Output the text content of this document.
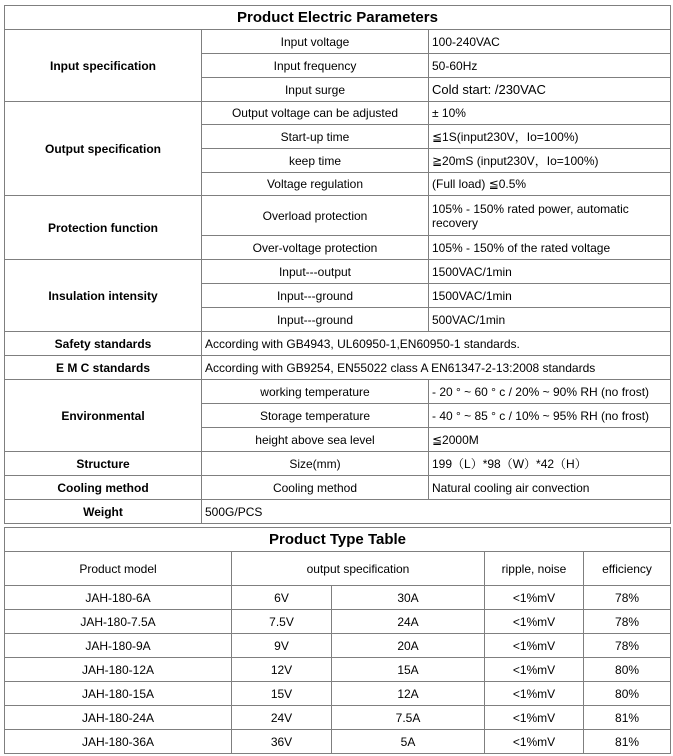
Product Electric Parameters		
Input specification	Input voltage	100-240VAC
	Input frequency	50-60Hz
	Input surge	Cold start: /230VAC
Output specification	Output voltage can be adjusted	± 10%
	Start-up time	≦1S(input230V，Io=100%)
	keep time	≧20mS (input230V，Io=100%)
	Voltage regulation	(Full load) ≦0.5%
Protection function	Overload protection	105% - 150% rated power, automatic recovery
	Over-voltage protection	105% - 150% of the rated voltage
Insulation intensity	Input---output	1500VAC/1min
	Input---ground	1500VAC/1min
	Input---ground	500VAC/1min
Safety standards	According with GB4943, UL60950-1,EN60950-1 standards.	
E M C standards	According with GB9254, EN55022 class A EN61347-2-13:2008 standards	
Environmental	working temperature	- 20 ° ~ 60 ° c / 20% ~ 90% RH (no frost)
	Storage temperature	- 40 ° ~ 85 ° c / 10% ~ 95% RH (no frost)
	height above sea level	≦2000M
Structure	Size(mm)	199（L）*98（W）*42（H）
Cooling method	Cooling method	Natural cooling air convection
Weight	500G/PCS	
Product Type Table				
Product model	output specification		ripple, noise	efficiency
JAH-180-6A	6V	30A	<1%mV	78%
JAH-180-7.5A	7.5V	24A	<1%mV	78%
JAH-180-9A	9V	20A	<1%mV	78%
JAH-180-12A	12V	15A	<1%mV	80%
JAH-180-15A	15V	12A	<1%mV	80%
JAH-180-24A	24V	7.5A	<1%mV	81%
JAH-180-36A	36V	5A	<1%mV	81%
